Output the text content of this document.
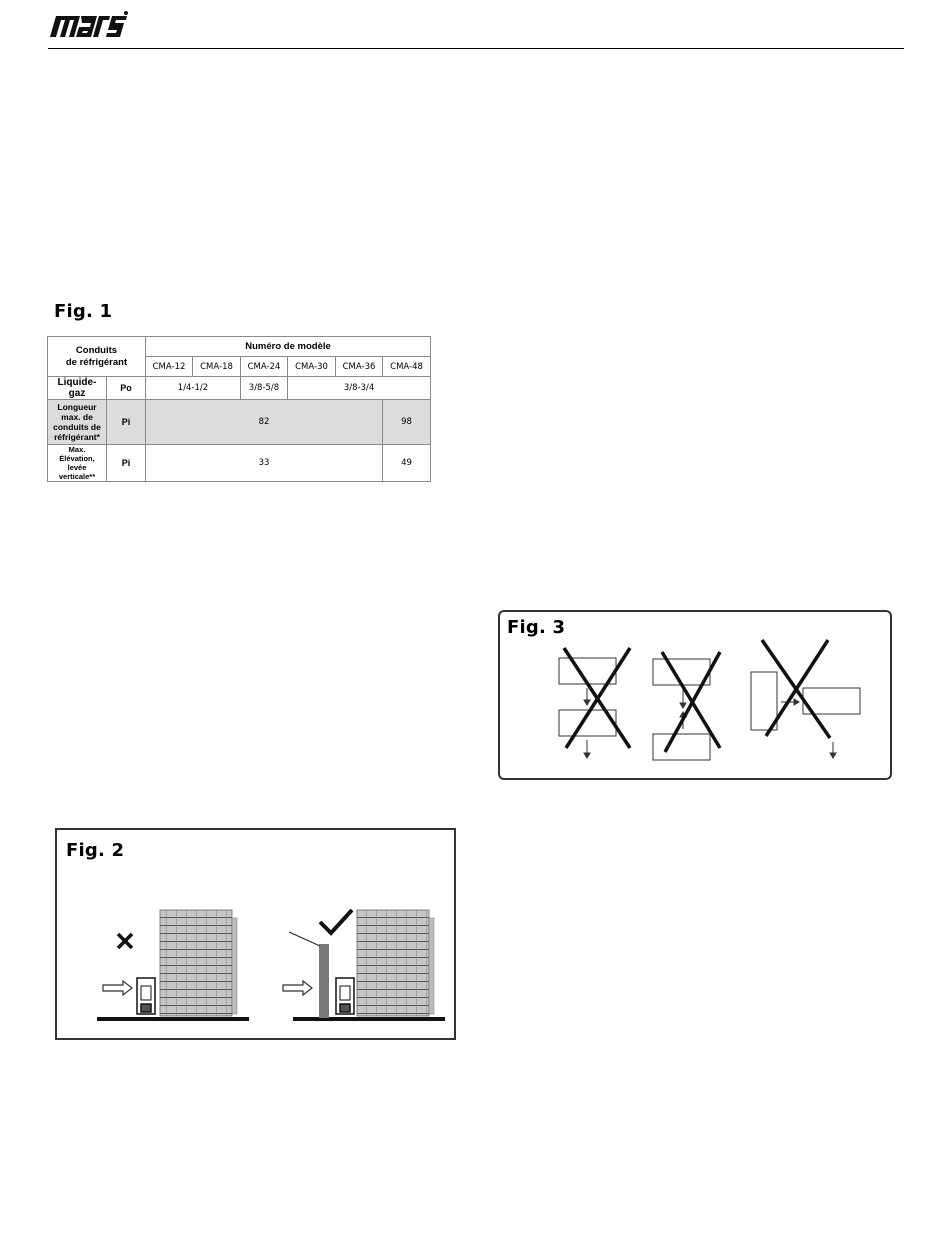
mars
Fig. 1
Conduits
de réfrigérant		Numéro de modèle					
		CMA-12	CMA-18	CMA-24	CMA-30	CMA-36	CMA-48
Liquide-gaz	Po	1/4-1/2		3/8-5/8	3/8-3/4		
Longueur max. de conduits de réfrigérant*	Pi	82					98
Max. Élévation, levée verticale**	Pi	33					49
Fig. 3
Fig. 2
